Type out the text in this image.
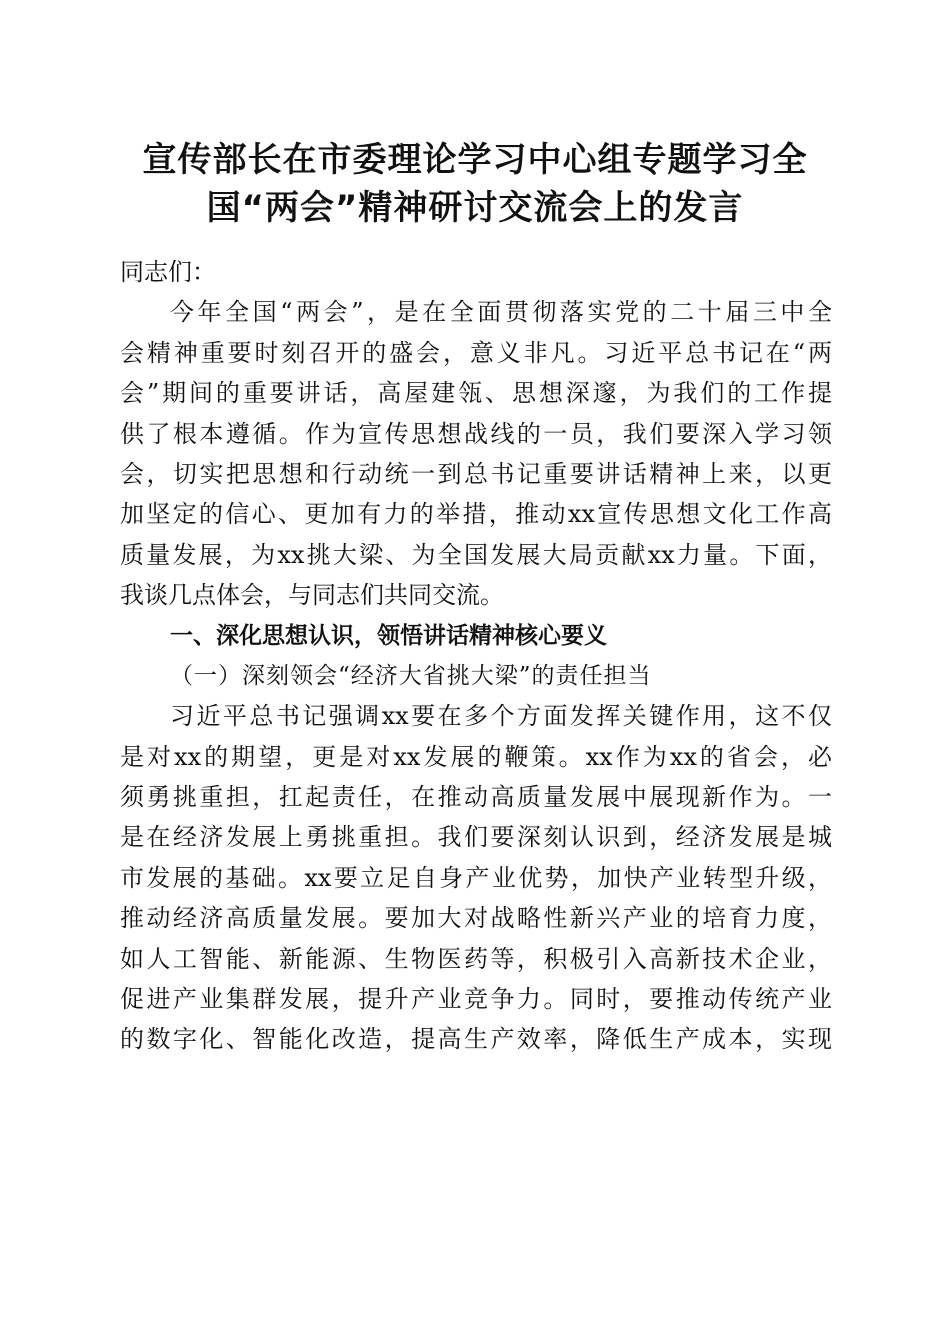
宣传部长在市委理论学习中心组专题学习全
国“两会”精神研讨交流会上的发言
同志们：
今年全国“两会”，是在全面贯彻落实党的二十届三中全
会精神重要时刻召开的盛会，意义非凡。习近平总书记在“两
会”期间的重要讲话，高屋建瓴、思想深邃，为我们的工作提
供了根本遵循。作为宣传思想战线的一员，我们要深入学习领
会，切实把思想和行动统一到总书记重要讲话精神上来，以更
加坚定的信心、更加有力的举措，推动xx宣传思想文化工作高
质量发展，为xx挑大梁、为全国发展大局贡献xx力量。下面，
我谈几点体会，与同志们共同交流。
一、深化思想认识，领悟讲话精神核心要义
（一）深刻领会“经济大省挑大梁”的责任担当
习近平总书记强调xx要在多个方面发挥关键作用，这不仅
是对xx的期望，更是对xx发展的鞭策。xx作为xx的省会，必
须勇挑重担，扛起责任，在推动高质量发展中展现新作为。一
是在经济发展上勇挑重担。我们要深刻认识到，经济发展是城
市发展的基础。xx要立足自身产业优势，加快产业转型升级，
推动经济高质量发展。要加大对战略性新兴产业的培育力度，
如人工智能、新能源、生物医药等，积极引入高新技术企业，
促进产业集群发展，提升产业竞争力。同时，要推动传统产业
的数字化、智能化改造，提高生产效率，降低生产成本，实现
